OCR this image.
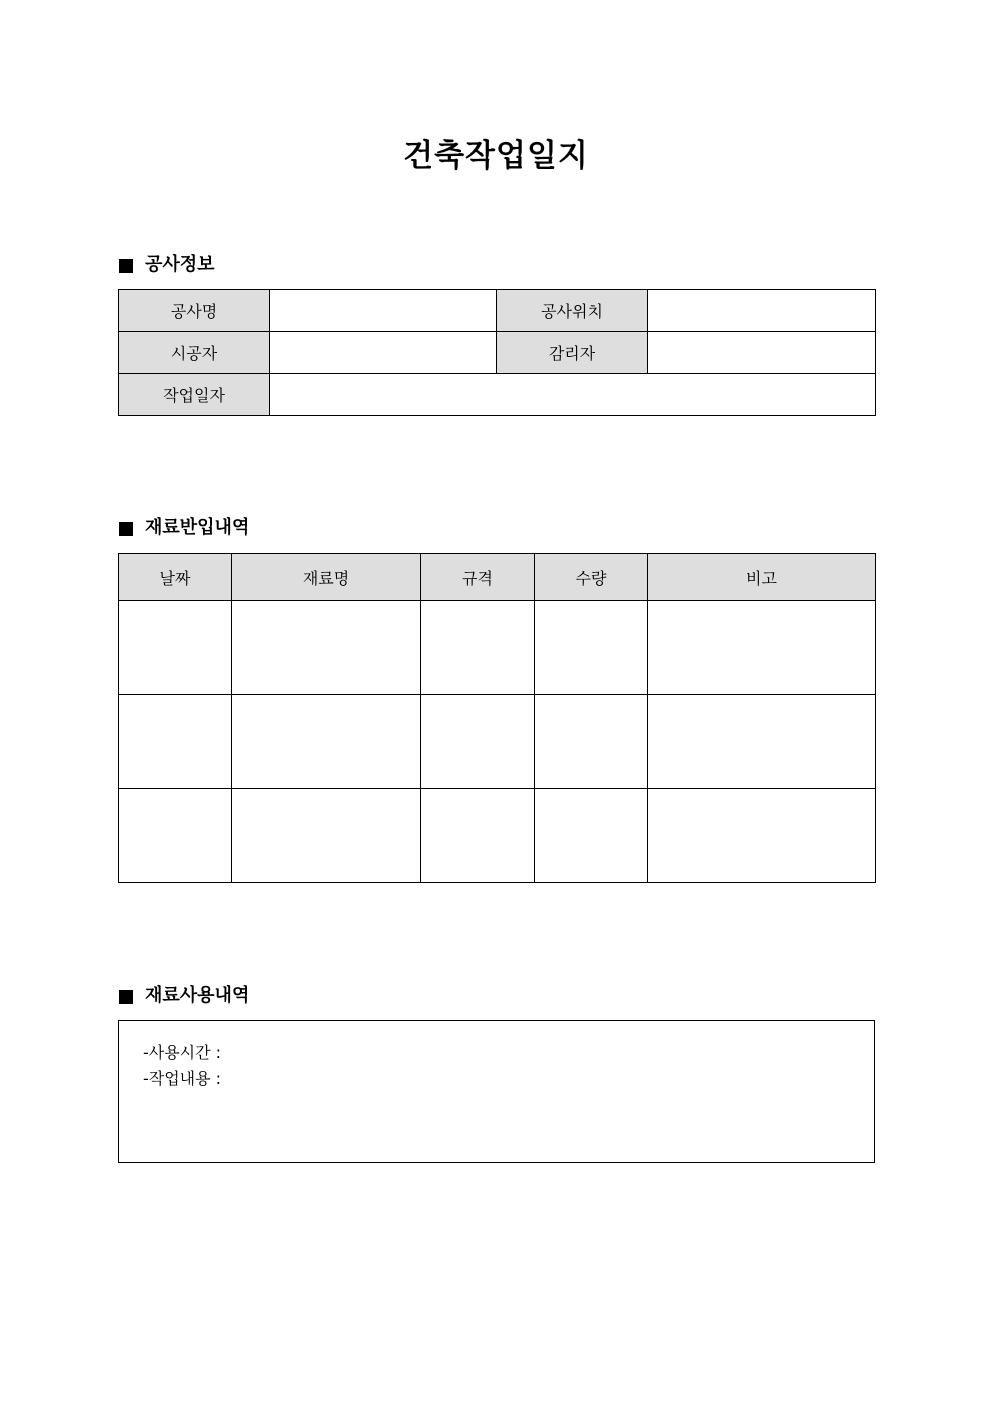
건축작업일지
공사정보
공사명		공사위치	
시공자		감리자	
작업일자			
재료반입내역
날짜	재료명	규격	수량	비고

재료사용내역
-사용시간 :
-작업내용 :
